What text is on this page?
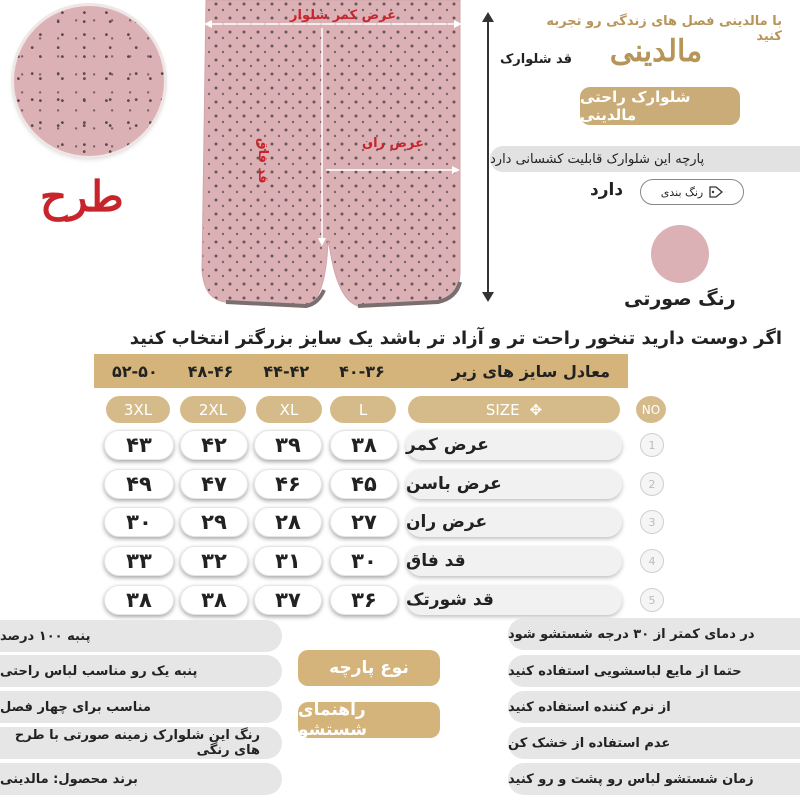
طرح
عرض کمر شلوار
عرض ران
قد فاق
قد شلوارک
با مالدینی فصل های زندگی رو تجربه کنید
مالدینی
شلوارک راحتی مالدینی
پارچه این شلوارک قابلیت کشسانی دارد
رنگ بندی
دارد
رنگ صورتی
اگر دوست دارید تنخور راحت تر و آزاد تر باشد یک سایز بزرگتر انتخاب کنید
۵۲-۵۰ ۴۸-۴۶ ۴۴-۴۲ ۴۰-۳۶	معادل سایز های زیر
3XL	2XL	XL	L	SIZE ✥	NO
۴۳	۴۲	۳۹	۳۸	عرض کمر	1
۴۹	۴۷	۴۶	۴۵	عرض باسن	2
۳۰	۲۹	۲۸	۲۷	عرض ران	3
۳۳	۳۲	۳۱	۳۰	قد فاق	4
۳۸	۳۸	۳۷	۳۶	قد شورتک	5
پنبه ۱۰۰ درصد
پنبه یک رو مناسب لباس راحتی
مناسب برای چهار فصل
رنگ این شلوارک زمینه صورتی با طرح های رنگی
برند محصول: مالدینی
نوع پارچه
راهنمای شستشو
در دمای کمتر از ۳۰ درجه شستشو شود
حتما از مایع لباسشویی استفاده کنید
از نرم کننده استفاده کنید
عدم استفاده از خشک کن
زمان شستشو لباس رو پشت و رو کنید
